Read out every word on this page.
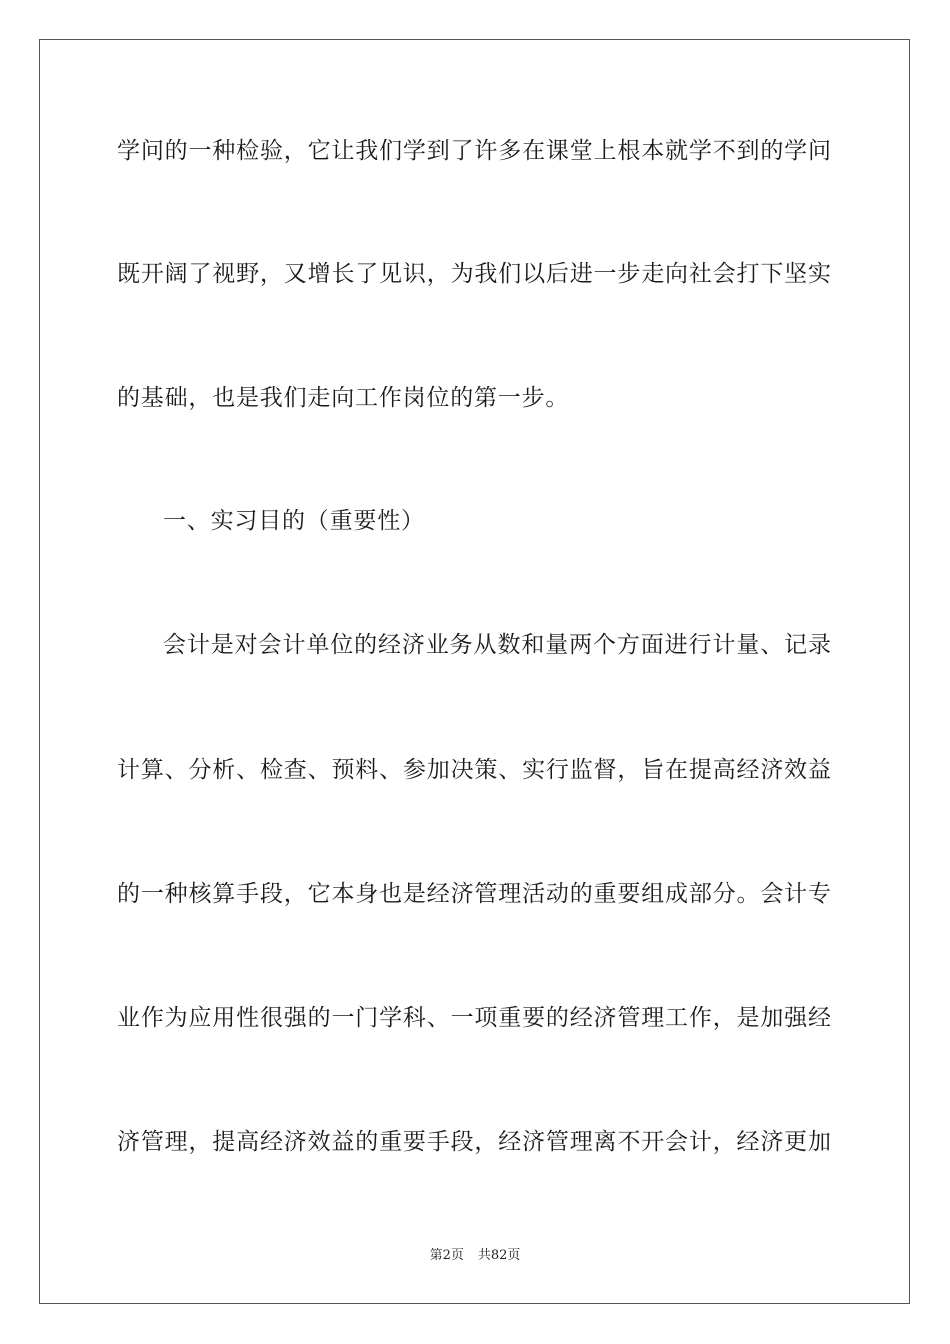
学问的一种检验，它让我们学到了许多在课堂上根本就学不到的学问
既开阔了视野，又增长了见识，为我们以后进一步走向社会打下坚实
的基础，也是我们走向工作岗位的第一步。
一、实习目的（重要性）
会计是对会计单位的经济业务从数和量两个方面进行计量、记录
计算、分析、检查、预料、参加决策、实行监督，旨在提高经济效益
的一种核算手段，它本身也是经济管理活动的重要组成部分。会计专
业作为应用性很强的一门学科、一项重要的经济管理工作，是加强经
济管理，提高经济效益的重要手段，经济管理离不开会计，经济更加
第2页 共82页
